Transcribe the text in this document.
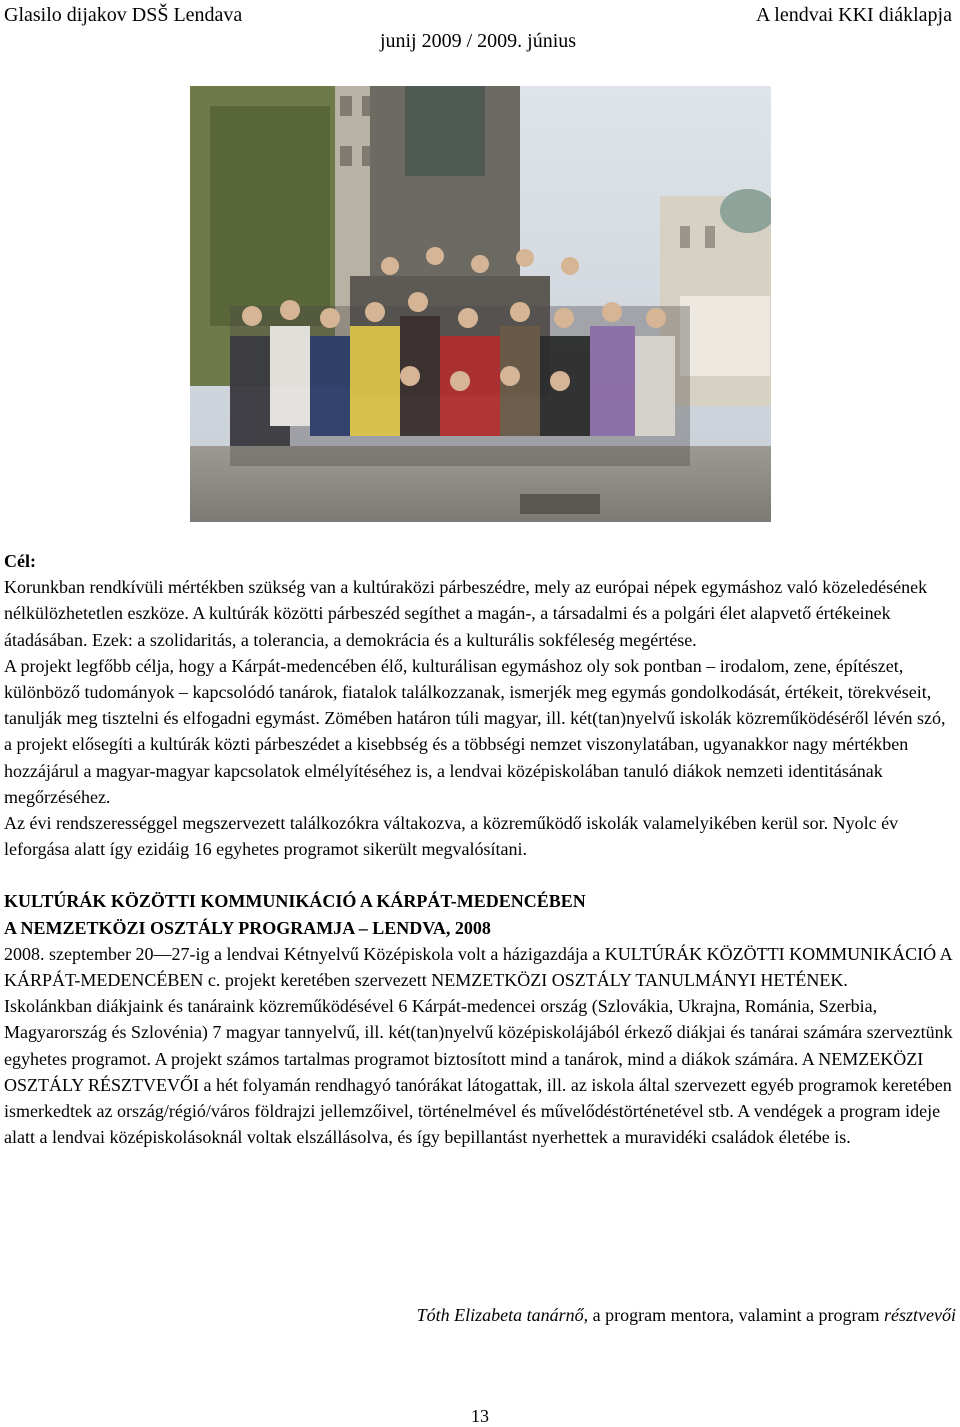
Glasilo dijakov DSŠ Lendava	A lendvai KKI diáklapja
junij 2009 / 2009. június

Cél:

Korunkban rendkívüli mértékben szükség van a kultúraközi párbeszédre, mely az európai népek egymáshoz való közeledésének nélkülözhetetlen eszköze. A kultúrák közötti párbeszéd segíthet a magán-, a társadalmi és a polgári élet alapvető értékeinek átadásában. Ezek: a szolidaritás, a tolerancia, a demokrácia és a kulturális sokféleség megértése.

A projekt legfőbb célja, hogy a Kárpát-medencében élő, kulturálisan egymáshoz oly sok pontban – irodalom, zene, építészet, különböző tudományok – kapcsolódó tanárok, fiatalok találkozzanak, ismerjék meg egymás gondolkodását, értékeit, törekvéseit, tanulják meg tisztelni és elfogadni egymást. Zömében határon túli magyar, ill. két(tan)nyelvű iskolák közreműködéséről lévén szó, a projekt elősegíti a kultúrák közti párbeszédet a kisebbség és a többségi nemzet viszonylatában, ugyanakkor nagy mértékben hozzájárul a magyar-magyar kapcsolatok elmélyítéséhez is, a lendvai középiskolában tanuló diákok nemzeti identitásának megőrzéséhez.

Az évi rendszerességgel megszervezett találkozókra váltakozva, a közreműködő iskolák valamelyikében kerül sor. Nyolc év leforgása alatt így ezidáig 16 egyhetes programot sikerült megvalósítani.

KULTÚRÁK KÖZÖTTI KOMMUNIKÁCIÓ A KÁRPÁT-MEDENCÉBEN

A NEMZETKÖZI OSZTÁLY PROGRAMJA – LENDVA, 2008

2008. szeptember 20––27-ig a lendvai Kétnyelvű Középiskola volt a házigazdája a KULTÚRÁK KÖZÖTTI KOMMUNIKÁCIÓ A KÁRPÁT-MEDENCÉBEN c. projekt keretében szervezett NEMZETKÖZI OSZTÁLY TANULMÁNYI HETÉNEK.

Iskolánkban diákjaink és tanáraink közreműködésével 6 Kárpát-medencei ország (Szlovákia, Ukrajna, Románia, Szerbia, Magyarország és Szlovénia) 7 magyar tannyelvű, ill. két(tan)nyelvű középiskolájából érkező diákjai és tanárai számára szerveztünk egyhetes programot. A projekt számos tartalmas programot biztosított mind a tanárok, mind a diákok számára. A NEMZEKÖZI OSZTÁLY RÉSZTVEVŐI a hét folyamán rendhagyó tanórákat látogattak, ill. az iskola által szervezett egyéb programok keretében ismerkedtek az ország/régió/város földrajzi jellemzőivel, történelmével és művelődéstörténetével stb. A vendégek a program ideje alatt a lendvai középiskolásoknál voltak elszállásolva, és így bepillantást nyerhettek a muravidéki családok életébe is.

Tóth Elizabeta tanárnő, a program mentora, valamint a program résztvevői
13
